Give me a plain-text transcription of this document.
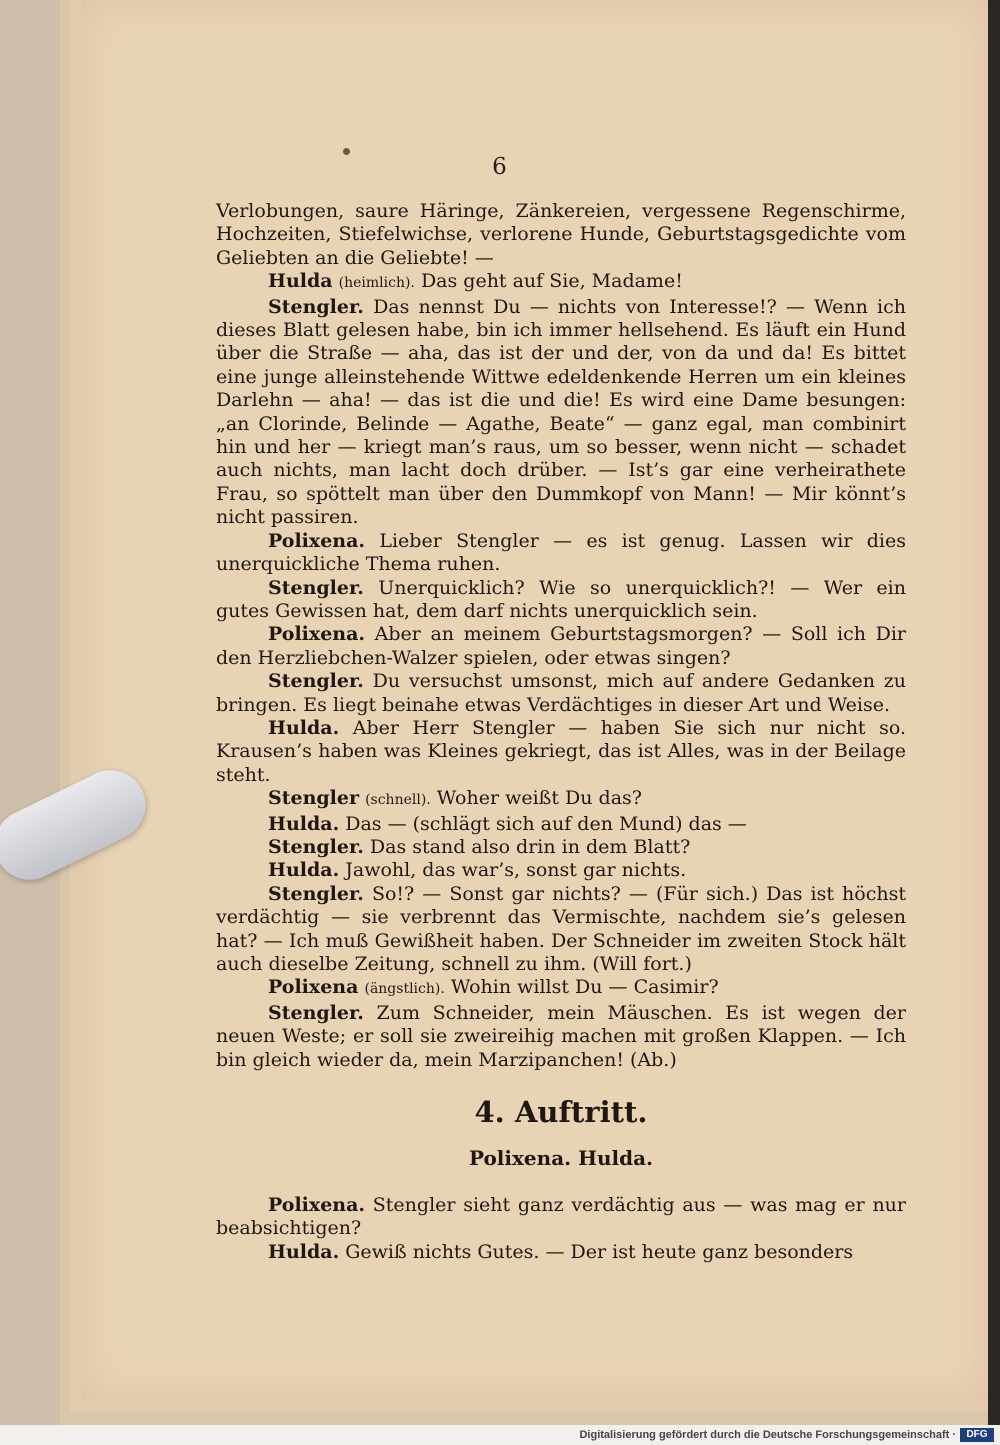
6

Verlobungen, saure Häringe, Zänkereien, vergessene Regenschirme, Hochzeiten, Stiefelwichse, verlorene Hunde, Geburtstagsgedichte vom Geliebten an die Geliebte! —

Hulda (heimlich). Das geht auf Sie, Madame!

Stengler. Das nennst Du — nichts von Interesse!? — Wenn ich dieses Blatt gelesen habe, bin ich immer hellsehend. Es läuft ein Hund über die Straße — aha, das ist der und der, von da und da! Es bittet eine junge alleinstehende Wittwe edeldenkende Herren um ein kleines Darlehn — aha! — das ist die und die! Es wird eine Dame besungen: „an Clorinde, Belinde — Agathe, Beate“ — ganz egal, man combinirt hin und her — kriegt man’s raus, um so besser, wenn nicht — schadet auch nichts, man lacht doch drüber. — Ist’s gar eine verheirathete Frau, so spöttelt man über den Dummkopf von Mann! — Mir könnt’s nicht passiren.

Polixena. Lieber Stengler — es ist genug. Lassen wir dies unerquickliche Thema ruhen.

Stengler. Unerquicklich? Wie so unerquicklich?! — Wer ein gutes Gewissen hat, dem darf nichts unerquicklich sein.

Polixena. Aber an meinem Geburtstagsmorgen? — Soll ich Dir den Herzliebchen-Walzer spielen, oder etwas singen?

Stengler. Du versuchst umsonst, mich auf andere Gedanken zu bringen. Es liegt beinahe etwas Verdächtiges in dieser Art und Weise.

Hulda. Aber Herr Stengler — haben Sie sich nur nicht so. Krausen’s haben was Kleines gekriegt, das ist Alles, was in der Beilage steht.

Stengler (schnell). Woher weißt Du das?

Hulda. Das — (schlägt sich auf den Mund) das —

Stengler. Das stand also drin in dem Blatt?

Hulda. Jawohl, das war’s, sonst gar nichts.

Stengler. So!? — Sonst gar nichts? — (Für sich.) Das ist höchst verdächtig — sie verbrennt das Vermischte, nachdem sie’s gelesen hat? — Ich muß Gewißheit haben. Der Schneider im zweiten Stock hält auch dieselbe Zeitung, schnell zu ihm. (Will fort.)

Polixena (ängstlich). Wohin willst Du — Casimir?

Stengler. Zum Schneider, mein Mäuschen. Es ist wegen der neuen Weste; er soll sie zweireihig machen mit großen Klappen. — Ich bin gleich wieder da, mein Marzipanchen! (Ab.)

4. Auftritt.
Polixena. Hulda.

Polixena. Stengler sieht ganz verdächtig aus — was mag er nur beabsichtigen?

Hulda. Gewiß nichts Gutes. — Der ist heute ganz besonders

Digitalisierung gefördert durch die Deutsche Forschungsgemeinschaft ·	DFG
